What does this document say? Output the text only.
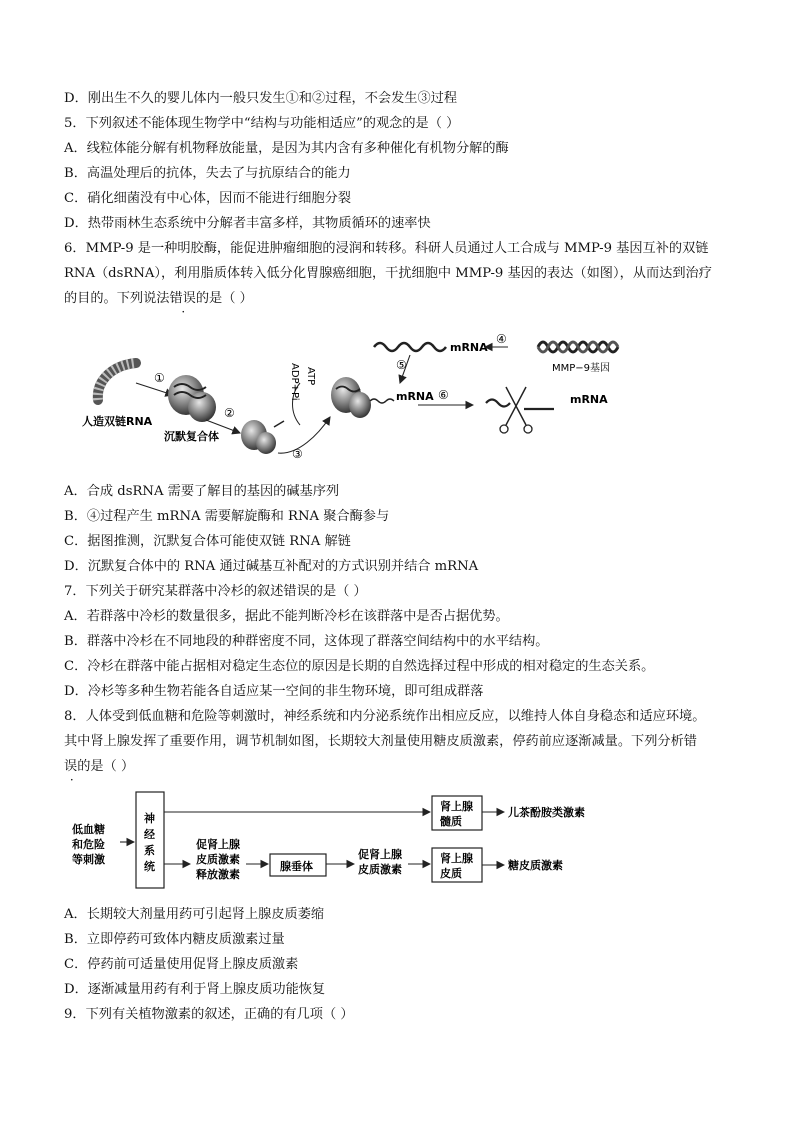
D．刚出生不久的婴儿体内一般只发生①和②过程，不会发生③过程
5．下列叙述不能体现生物学中“结构与功能相适应”的观念的是（ ）
A．线粒体能分解有机物释放能量，是因为其内含有多种催化有机物分解的酶
B．高温处理后的抗体，失去了与抗原结合的能力
C．硝化细菌没有中心体，因而不能进行细胞分裂
D．热带雨林生态系统中分解者丰富多样，其物质循环的速率快
6．MMP-9 是一种明胶酶，能促进肿瘤细胞的浸润和转移。科研人员通过人工合成与 MMP-9 基因互补的双链
RNA（dsRNA），利用脂质体转入低分化胃腺癌细胞，干扰细胞中 MMP-9 基因的表达（如图），从而达到治疗
的目的。下列说法错误的是（ ）
人造双链RNA
①
沉默复合体
②
ADP+Pi ATP
③
mRNA
mRNA
④
⑤	MMP−9基因
⑥	mRNA
A．合成 dsRNA 需要了解目的基因的碱基序列
B．④过程产生 mRNA 需要解旋酶和 RNA 聚合酶参与
C．据图推测，沉默复合体可能使双链 RNA 解链
D．沉默复合体中的 RNA 通过碱基互补配对的方式识别并结合 mRNA
7．下列关于研究某群落中冷杉的叙述错误的是（ ）
A．若群落中冷杉的数量很多，据此不能判断冷杉在该群落中是否占据优势。
B．群落中冷杉在不同地段的种群密度不同，这体现了群落空间结构中的水平结构。
C．冷杉在群落中能占据相对稳定生态位的原因是长期的自然选择过程中形成的相对稳定的生态关系。
D．冷杉等多种生物若能各自适应某一空间的非生物环境，即可组成群落
8．人体受到低血糖和危险等刺激时，神经系统和内分泌系统作出相应反应，以维持人体自身稳态和适应环境。
其中肾上腺发挥了重要作用，调节机制如图，长期较大剂量使用糖皮质激素，停药前应逐渐减量。下列分析错
误的是（ ）
低血糖
和危险
等刺激
神
经
系
统
促肾上腺
皮质激素
释放激素
腺垂体
促肾上腺
皮质激素
肾上腺
髓质
肾上腺
皮质
儿茶酚胺类激素
糖皮质激素
A．长期较大剂量用药可引起肾上腺皮质萎缩
B．立即停药可致体内糖皮质激素过量
C．停药前可适量使用促肾上腺皮质激素
D．逐渐减量用药有利于肾上腺皮质功能恢复
9．下列有关植物激素的叙述，正确的有几项（ ）
